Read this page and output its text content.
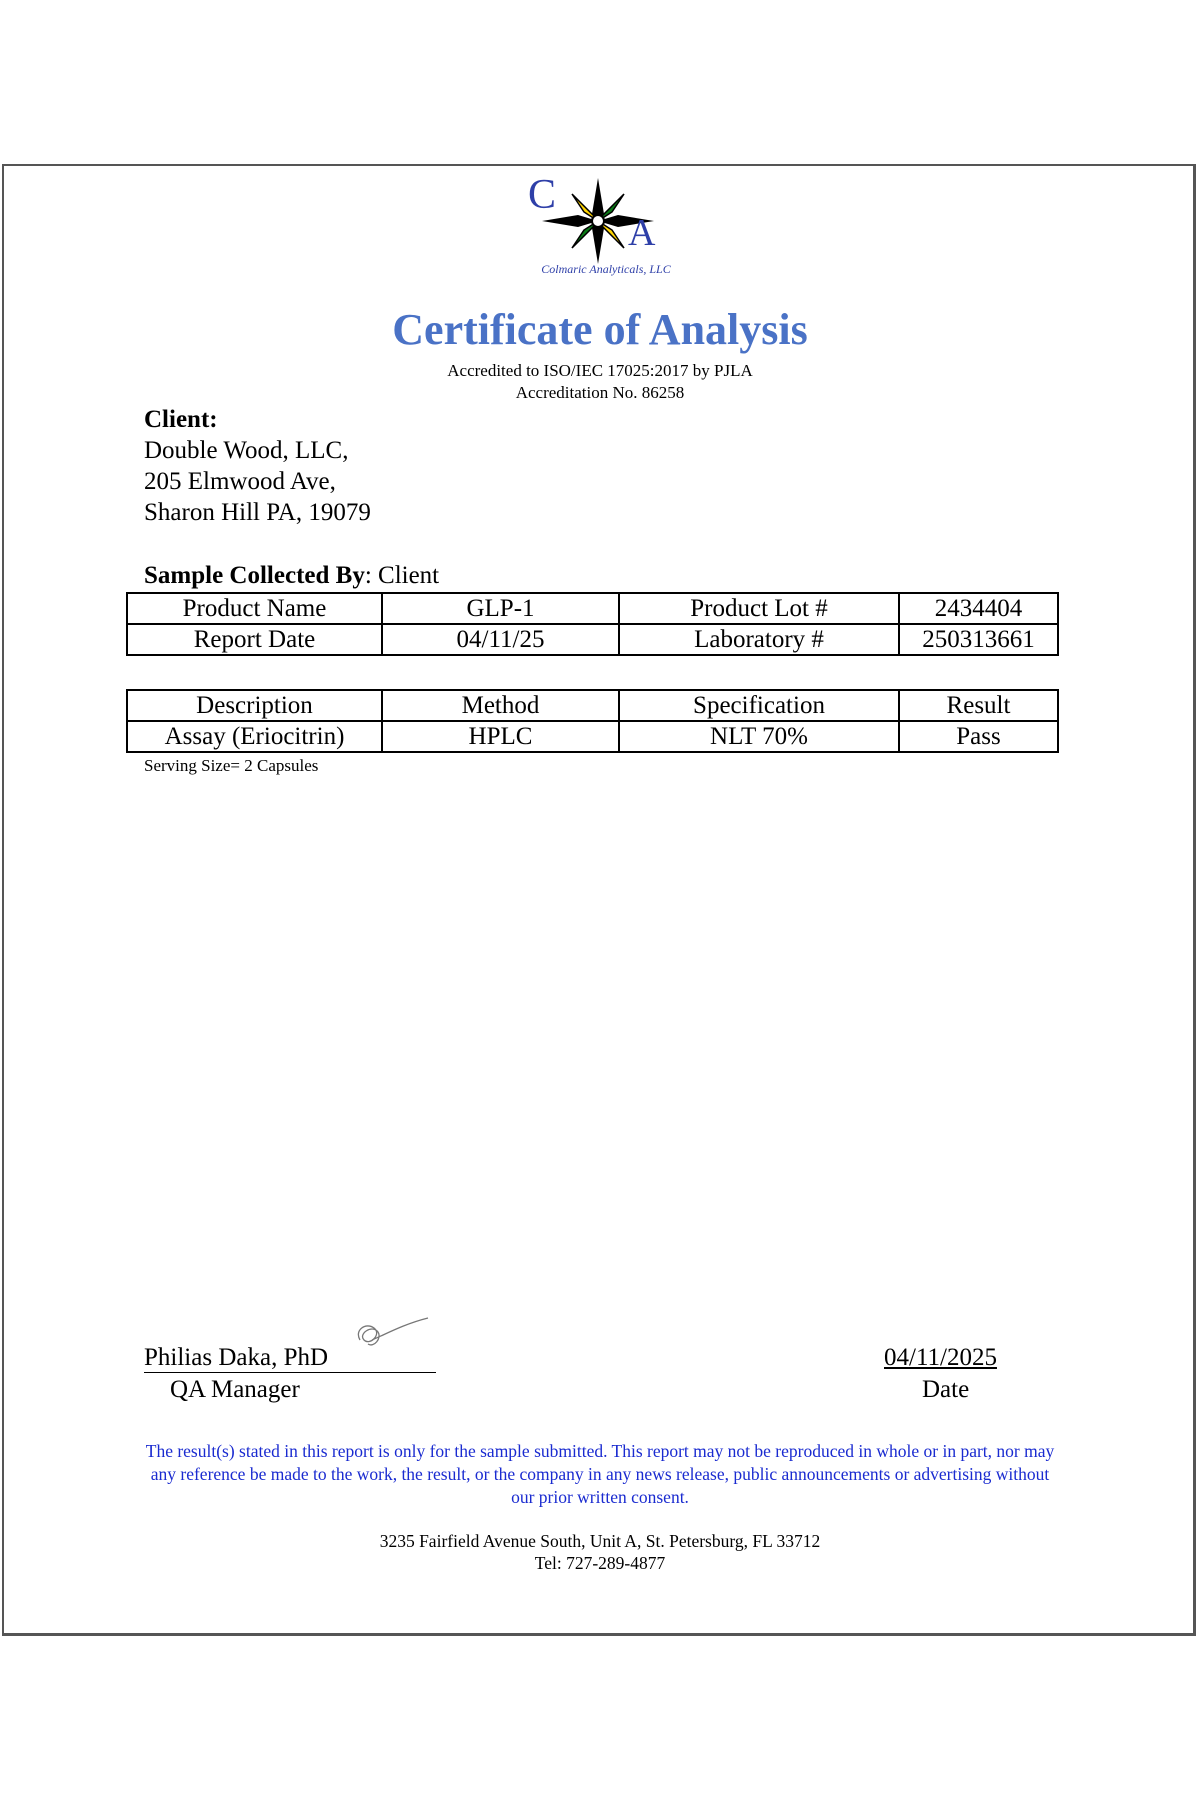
C
A
Colmaric Analyticals, LLC
Certificate of Analysis
Accredited to ISO/IEC 17025:2017 by PJLA
Accreditation No. 86258
Client:
Double Wood, LLC,
205 Elmwood Ave,
Sharon Hill PA, 19079
Sample Collected By: Client
Product Name	GLP-1	Product Lot #	2434404
Report Date	04/11/25	Laboratory #	250313661
Description	Method	Specification	Result
Assay (Eriocitrin)	HPLC	NLT 70%	Pass
Serving Size= 2 Capsules
Philias Daka, PhD
QA Manager
04/11/2025
Date
The result(s) stated in this report is only for the sample submitted. This report may not be reproduced in whole or in part, nor may any reference be made to the work, the result, or the company in any news release, public announcements or advertising without our prior written consent.
3235 Fairfield Avenue South, Unit A, St. Petersburg, FL 33712
Tel: 727-289-4877
